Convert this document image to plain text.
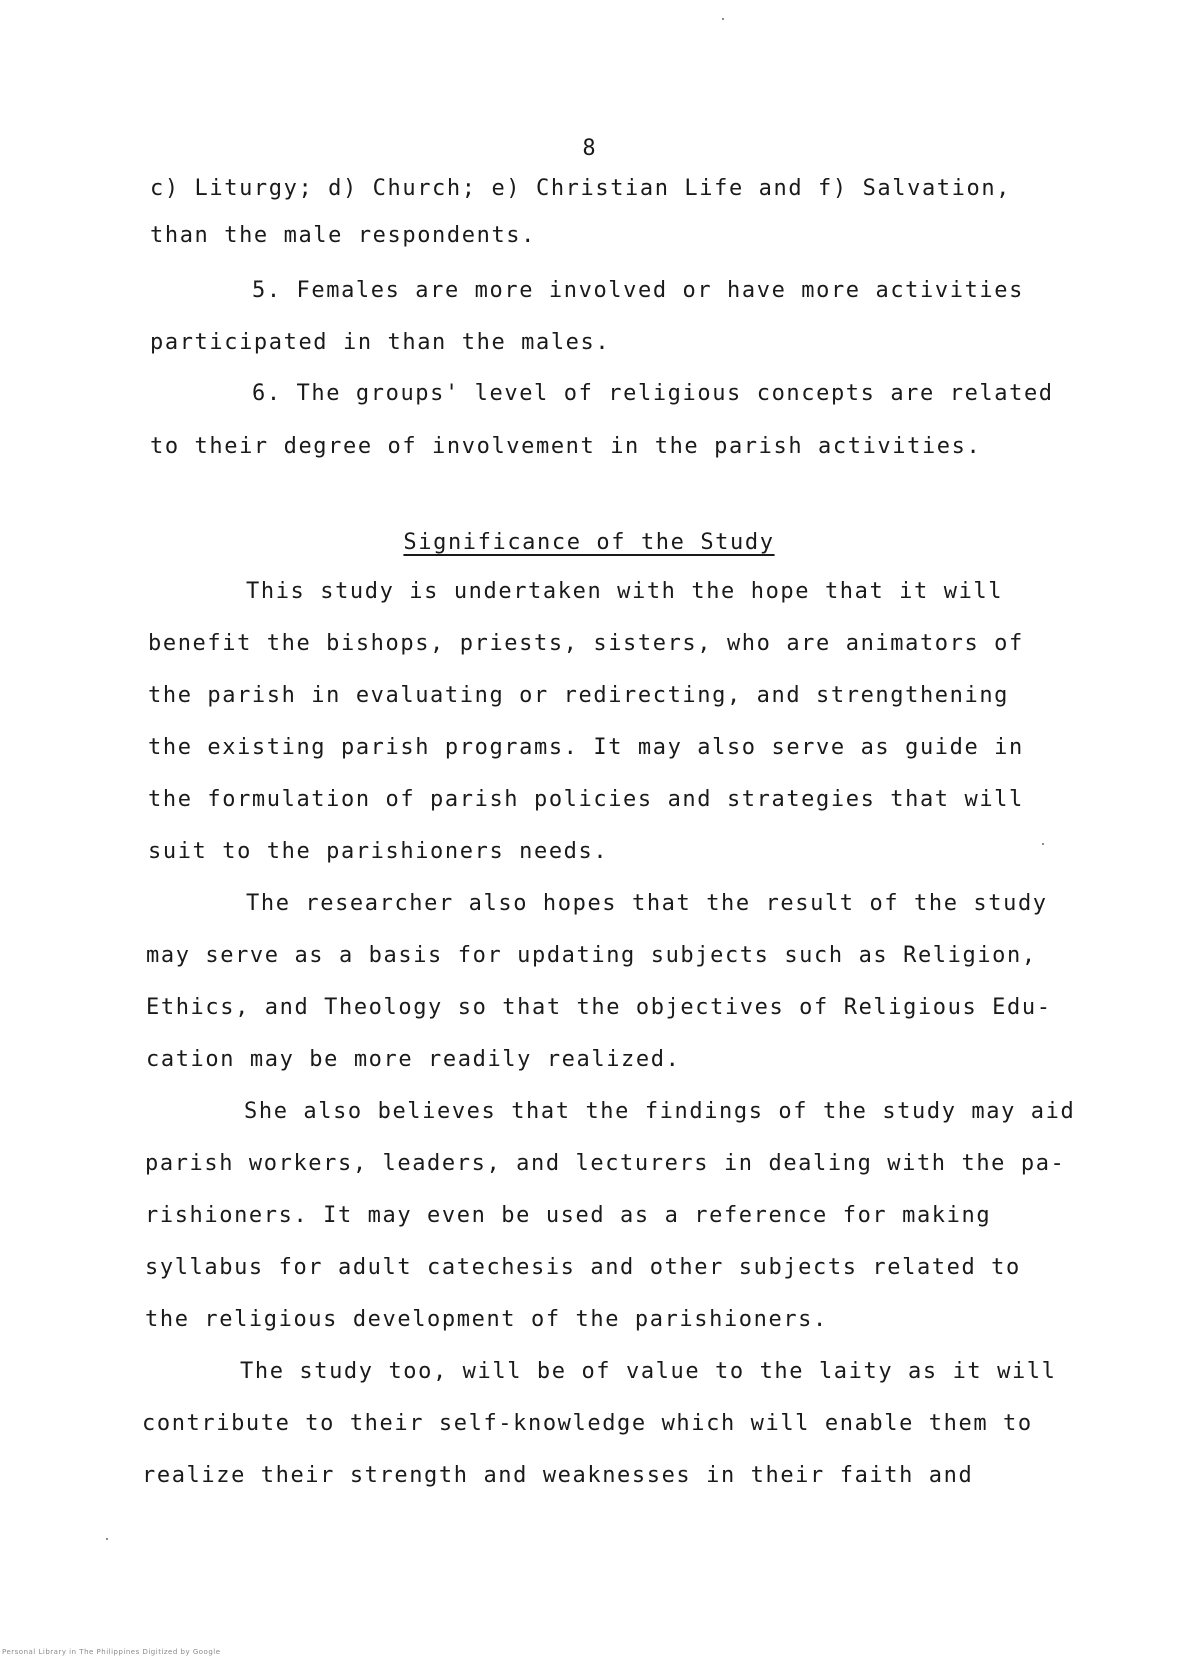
8
c) Liturgy; d) Church; e) Christian Life and f) Salvation,
than the male respondents.
5. Females are more involved or have more activities
participated in than the males.
6. The groups' level of religious concepts are related
to their degree of involvement in the parish activities.
Significance of the Study
This study is undertaken with the hope that it will
benefit the bishops, priests, sisters, who are animators of
the parish in evaluating or redirecting, and strengthening
the existing parish programs. It may also serve as guide in
the formulation of parish policies and strategies that will
suit to the parishioners needs.
The researcher also hopes that the result of the study
may serve as a basis for updating subjects such as Religion,
Ethics, and Theology so that the objectives of Religious Edu-
cation may be more readily realized.
She also believes that the findings of the study may aid
parish workers, leaders, and lecturers in dealing with the pa-
rishioners. It may even be used as a reference for making
syllabus for adult catechesis and other subjects related to
the religious development of the parishioners.
The study too, will be of value to the laity as it will
contribute to their self-knowledge which will enable them to
realize their strength and weaknesses in their faith and
Personal Library in The Philippines Digitized by Google
